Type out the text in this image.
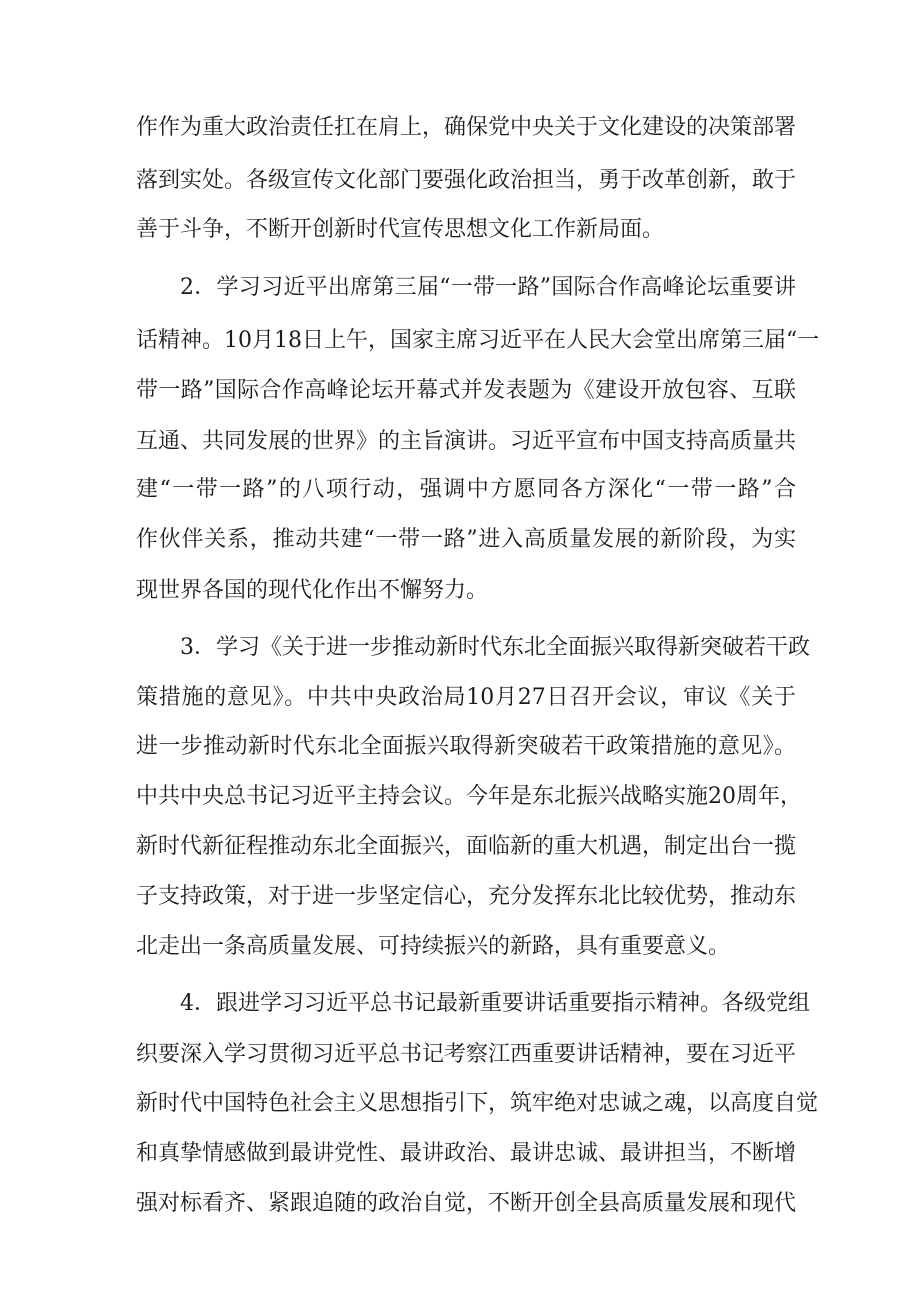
作作为重大政治责任扛在肩上，确保党中央关于文化建设的决策部署
落到实处。各级宣传文化部门要强化政治担当，勇于改革创新，敢于
善于斗争，不断开创新时代宣传思想文化工作新局面。
2．学习习近平出席第三届“一带一路”国际合作高峰论坛重要讲
话精神。10月18日上午，国家主席习近平在人民大会堂出席第三届“一
带一路”国际合作高峰论坛开幕式并发表题为《建设开放包容、互联
互通、共同发展的世界》的主旨演讲。习近平宣布中国支持高质量共
建“一带一路”的八项行动，强调中方愿同各方深化“一带一路”合
作伙伴关系，推动共建“一带一路”进入高质量发展的新阶段，为实
现世界各国的现代化作出不懈努力。
3．学习《关于进一步推动新时代东北全面振兴取得新突破若干政
策措施的意见》。中共中央政治局10月27日召开会议，审议《关于
进一步推动新时代东北全面振兴取得新突破若干政策措施的意见》。
中共中央总书记习近平主持会议。今年是东北振兴战略实施20周年，
新时代新征程推动东北全面振兴，面临新的重大机遇，制定出台一揽
子支持政策，对于进一步坚定信心，充分发挥东北比较优势，推动东
北走出一条高质量发展、可持续振兴的新路，具有重要意义。
4．跟进学习习近平总书记最新重要讲话重要指示精神。各级党组
织要深入学习贯彻习近平总书记考察江西重要讲话精神，要在习近平
新时代中国特色社会主义思想指引下，筑牢绝对忠诚之魂，以高度自觉
和真挚情感做到最讲党性、最讲政治、最讲忠诚、最讲担当，不断增
强对标看齐、紧跟追随的政治自觉，不断开创全县高质量发展和现代
